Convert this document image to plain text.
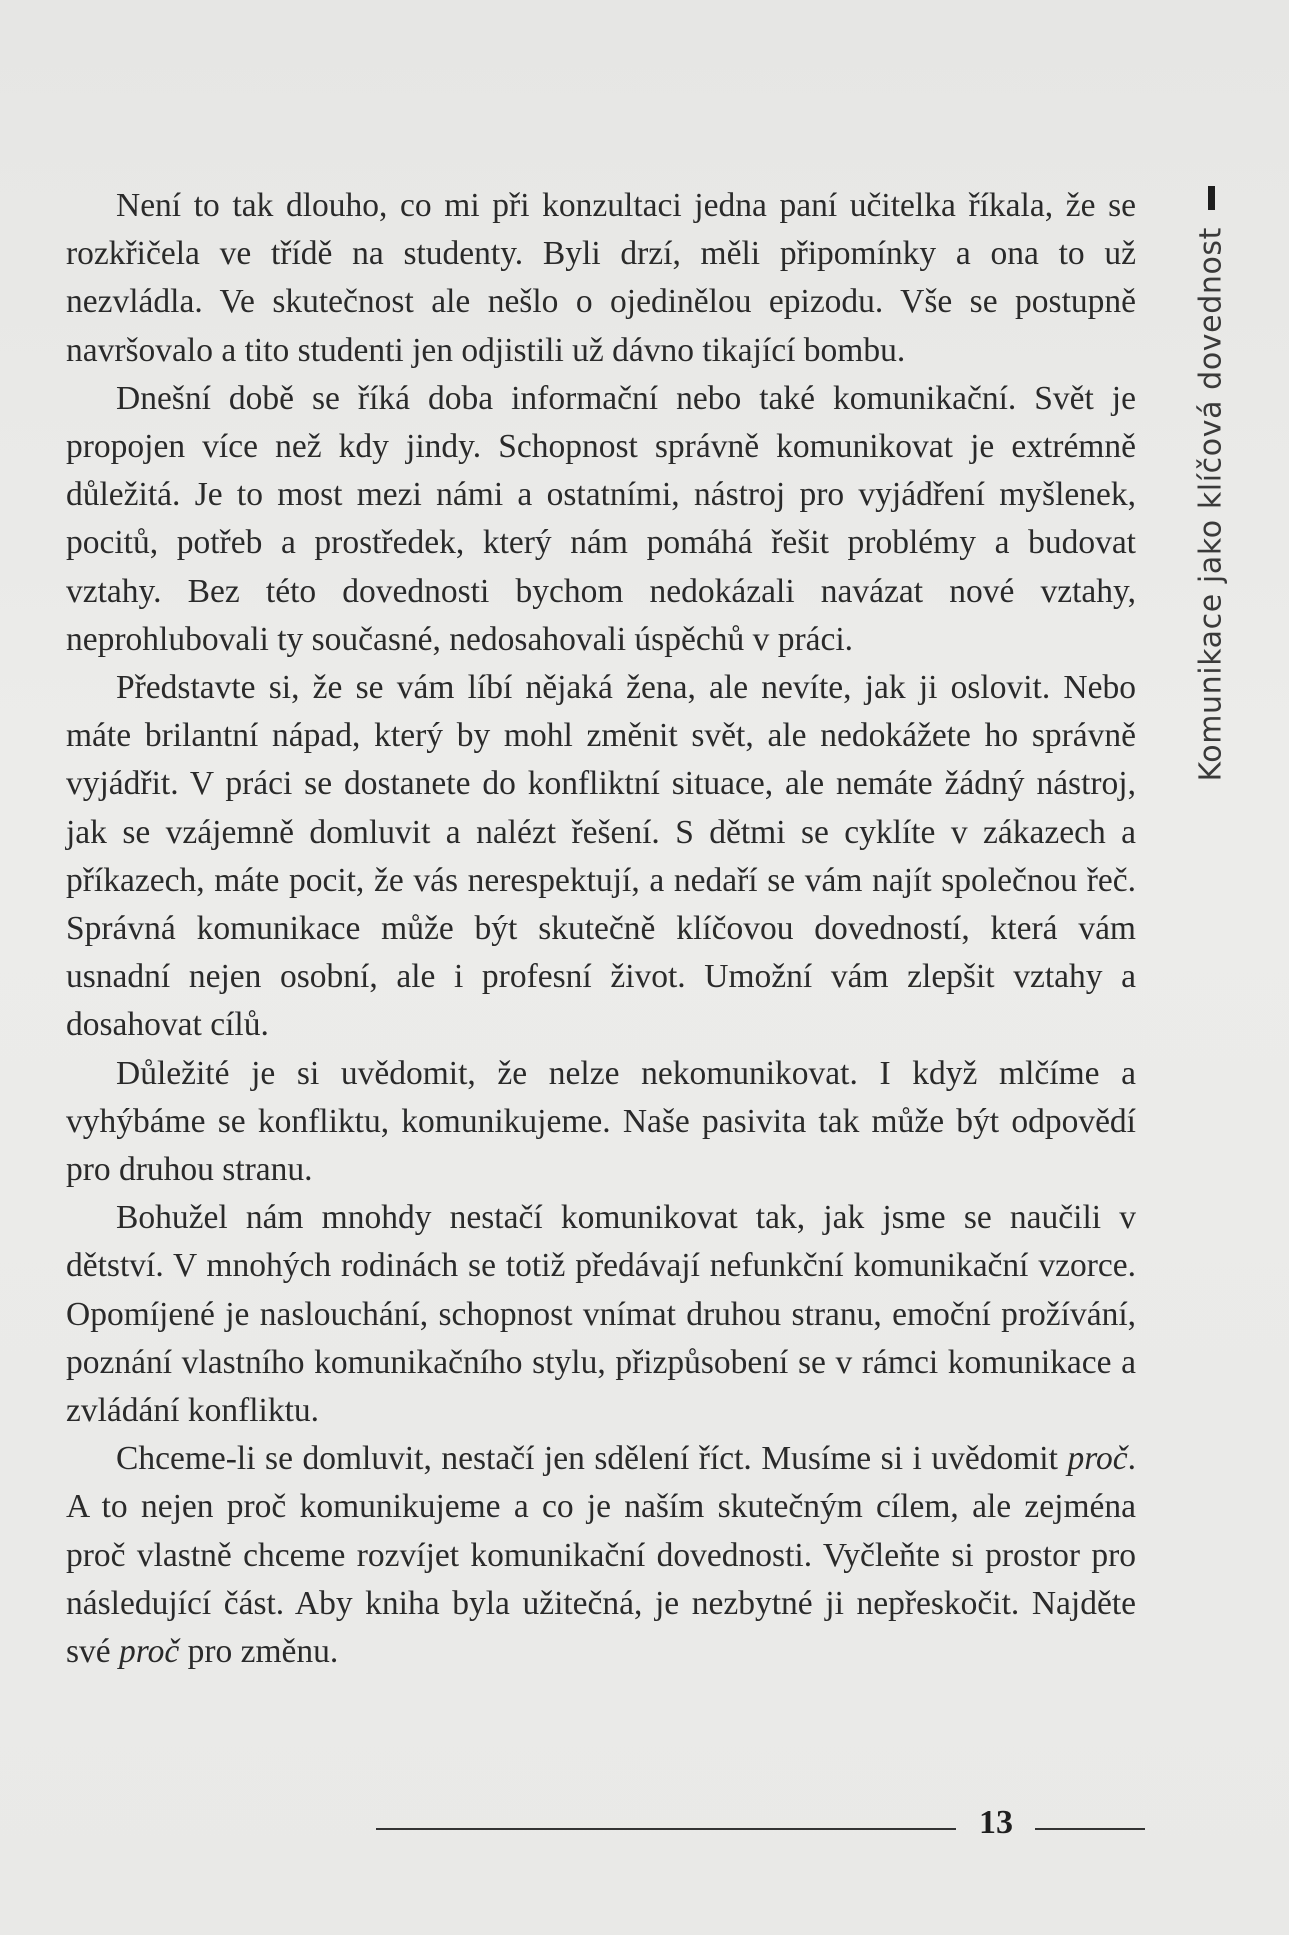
Komunikace jako klíčová dovednost

Není to tak dlouho, co mi při konzultaci jedna paní učitelka říkala, že se rozkřičela ve třídě na studenty. Byli drzí, měli připomínky a ona to už nezvládla. Ve skutečnost ale nešlo o ojedinělou epizodu. Vše se postupně navršovalo a tito studenti jen odjistili už dávno tikající bombu.

Dnešní době se říká doba informační nebo také komunikační. Svět je propojen více než kdy jindy. Schopnost správně komunikovat je extrémně důležitá. Je to most mezi námi a ostatními, nástroj pro vyjádření myšlenek, pocitů, potřeb a prostředek, který nám pomáhá řešit problémy a budovat vztahy. Bez této dovednosti bychom nedokázali navázat nové vztahy, neprohlubovali ty současné, nedosahovali úspěchů v práci.

Představte si, že se vám líbí nějaká žena, ale nevíte, jak ji oslovit. Nebo máte brilantní nápad, který by mohl změnit svět, ale nedokážete ho správně vyjádřit. V práci se dostanete do konfliktní situace, ale nemáte žádný nástroj, jak se vzájemně domluvit a nalézt řešení. S dětmi se cyklíte v zákazech a příkazech, máte pocit, že vás nerespektují, a nedaří se vám najít společnou řeč. Správná komunikace může být skutečně klíčovou dovedností, která vám usnadní nejen osobní, ale i profesní život. Umožní vám zlepšit vztahy a dosahovat cílů.

Důležité je si uvědomit, že nelze nekomunikovat. I když mlčíme a vyhýbáme se konfliktu, komunikujeme. Naše pasivita tak může být odpovědí pro druhou stranu.

Bohužel nám mnohdy nestačí komunikovat tak, jak jsme se naučili v dětství. V mnohých rodinách se totiž předávají nefunkční komunikační vzorce. Opomíjené je naslouchání, schopnost vnímat druhou stranu, emoční prožívání, poznání vlastního komunikačního stylu, přizpůsobení se v rámci komunikace a zvládání konfliktu.

Chceme-li se domluvit, nestačí jen sdělení říct. Musíme si i uvědomit proč. A to nejen proč komunikujeme a co je naším skutečným cílem, ale zejména proč vlastně chceme rozvíjet komunikační dovednosti. Vyčleňte si prostor pro následující část. Aby kniha byla užitečná, je nezbytné ji nepřeskočit. Najděte své proč pro změnu.

13
